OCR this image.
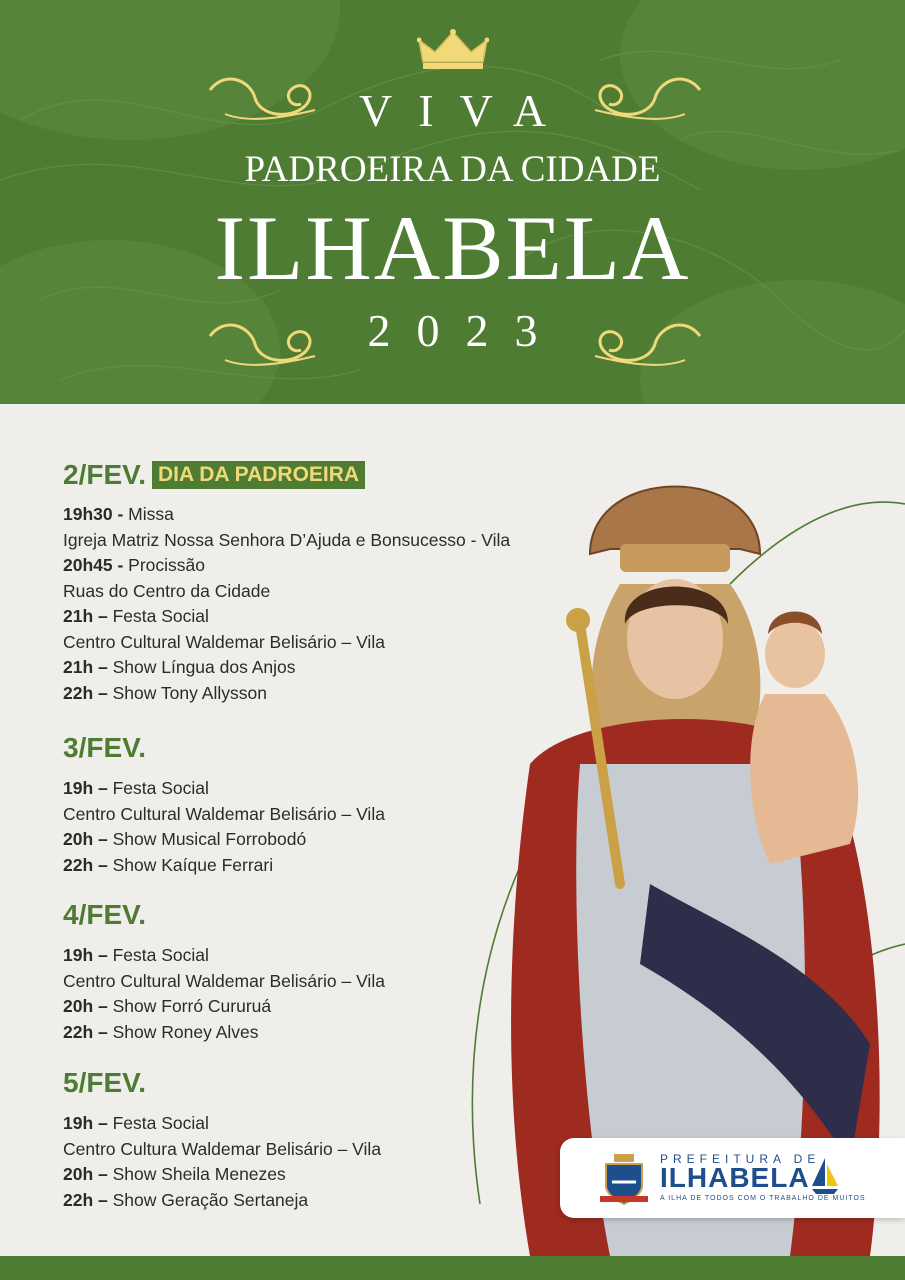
VIVA
PADROEIRA DA CIDADE
ILHABELA
2023
2/FEV. DIA DA PADROEIRA
19h30 - Missa
Igreja Matriz Nossa Senhora D’Ajuda e Bonsucesso - Vila
20h45 - Procissão
Ruas do Centro da Cidade
21h – Festa Social
Centro Cultural Waldemar Belisário – Vila
21h – Show Língua dos Anjos
22h – Show Tony Allysson
3/FEV.
19h – Festa Social
Centro Cultural Waldemar Belisário – Vila
20h – Show Musical Forrobodó
22h – Show Kaíque Ferrari
4/FEV.
19h – Festa Social
Centro Cultural Waldemar Belisário – Vila
20h – Show Forró Cururuá
22h – Show Roney Alves
5/FEV.
19h – Festa Social
Centro Cultura Waldemar Belisário – Vila
20h – Show Sheila Menezes
22h – Show Geração Sertaneja
PREFEITURA DE
ILHABELA
A ILHA DE TODOS COM O TRABALHO DE MUITOS
